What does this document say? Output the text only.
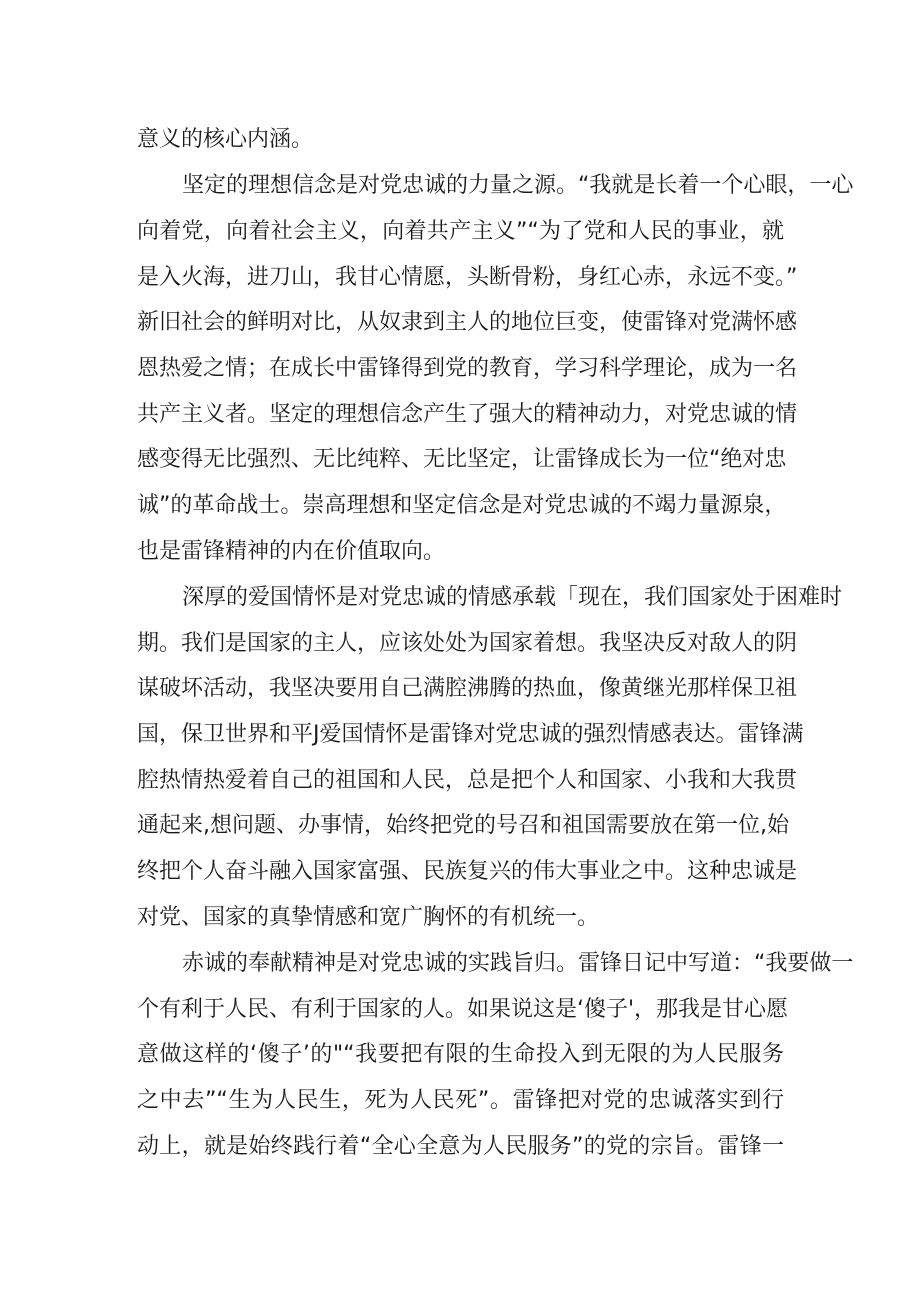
意义的核心内涵。
坚定的理想信念是对党忠诚的力量之源。“我就是长着一个心眼，一心
向着党，向着社会主义，向着共产主义”“为了党和人民的事业，就
是入火海，进刀山，我甘心情愿，头断骨粉，身红心赤，永远不变。”
新旧社会的鲜明对比，从奴隶到主人的地位巨变，使雷锋对党满怀感
恩热爱之情；在成长中雷锋得到党的教育，学习科学理论，成为一名
共产主义者。坚定的理想信念产生了强大的精神动力，对党忠诚的情
感变得无比强烈、无比纯粹、无比坚定，让雷锋成长为一位“绝对忠
诚”的革命战士。崇高理想和坚定信念是对党忠诚的不竭力量源泉，
也是雷锋精神的内在价值取向。
深厚的爱国情怀是对党忠诚的情感承载「现在，我们国家处于困难时
期。我们是国家的主人，应该处处为国家着想。我坚决反对敌人的阴
谋破坏活动，我坚决要用自己满腔沸腾的热血，像黄继光那样保卫祖
国，保卫世界和平J爱国情怀是雷锋对党忠诚的强烈情感表达。雷锋满
腔热情热爱着自己的祖国和人民，总是把个人和国家、小我和大我贯
通起来,想问题、办事情，始终把党的号召和祖国需要放在第一位,始
终把个人奋斗融入国家富强、民族复兴的伟大事业之中。这种忠诚是
对党、国家的真挚情感和宽广胸怀的有机统一。
赤诚的奉献精神是对党忠诚的实践旨归。雷锋日记中写道：“我要做一
个有利于人民、有利于国家的人。如果说这是‘傻子'，那我是甘心愿
意做这样的‘傻子’的"“我要把有限的生命投入到无限的为人民服务
之中去”“生为人民生，死为人民死”。雷锋把对党的忠诚落实到行
动上，就是始终践行着“全心全意为人民服务”的党的宗旨。雷锋一
